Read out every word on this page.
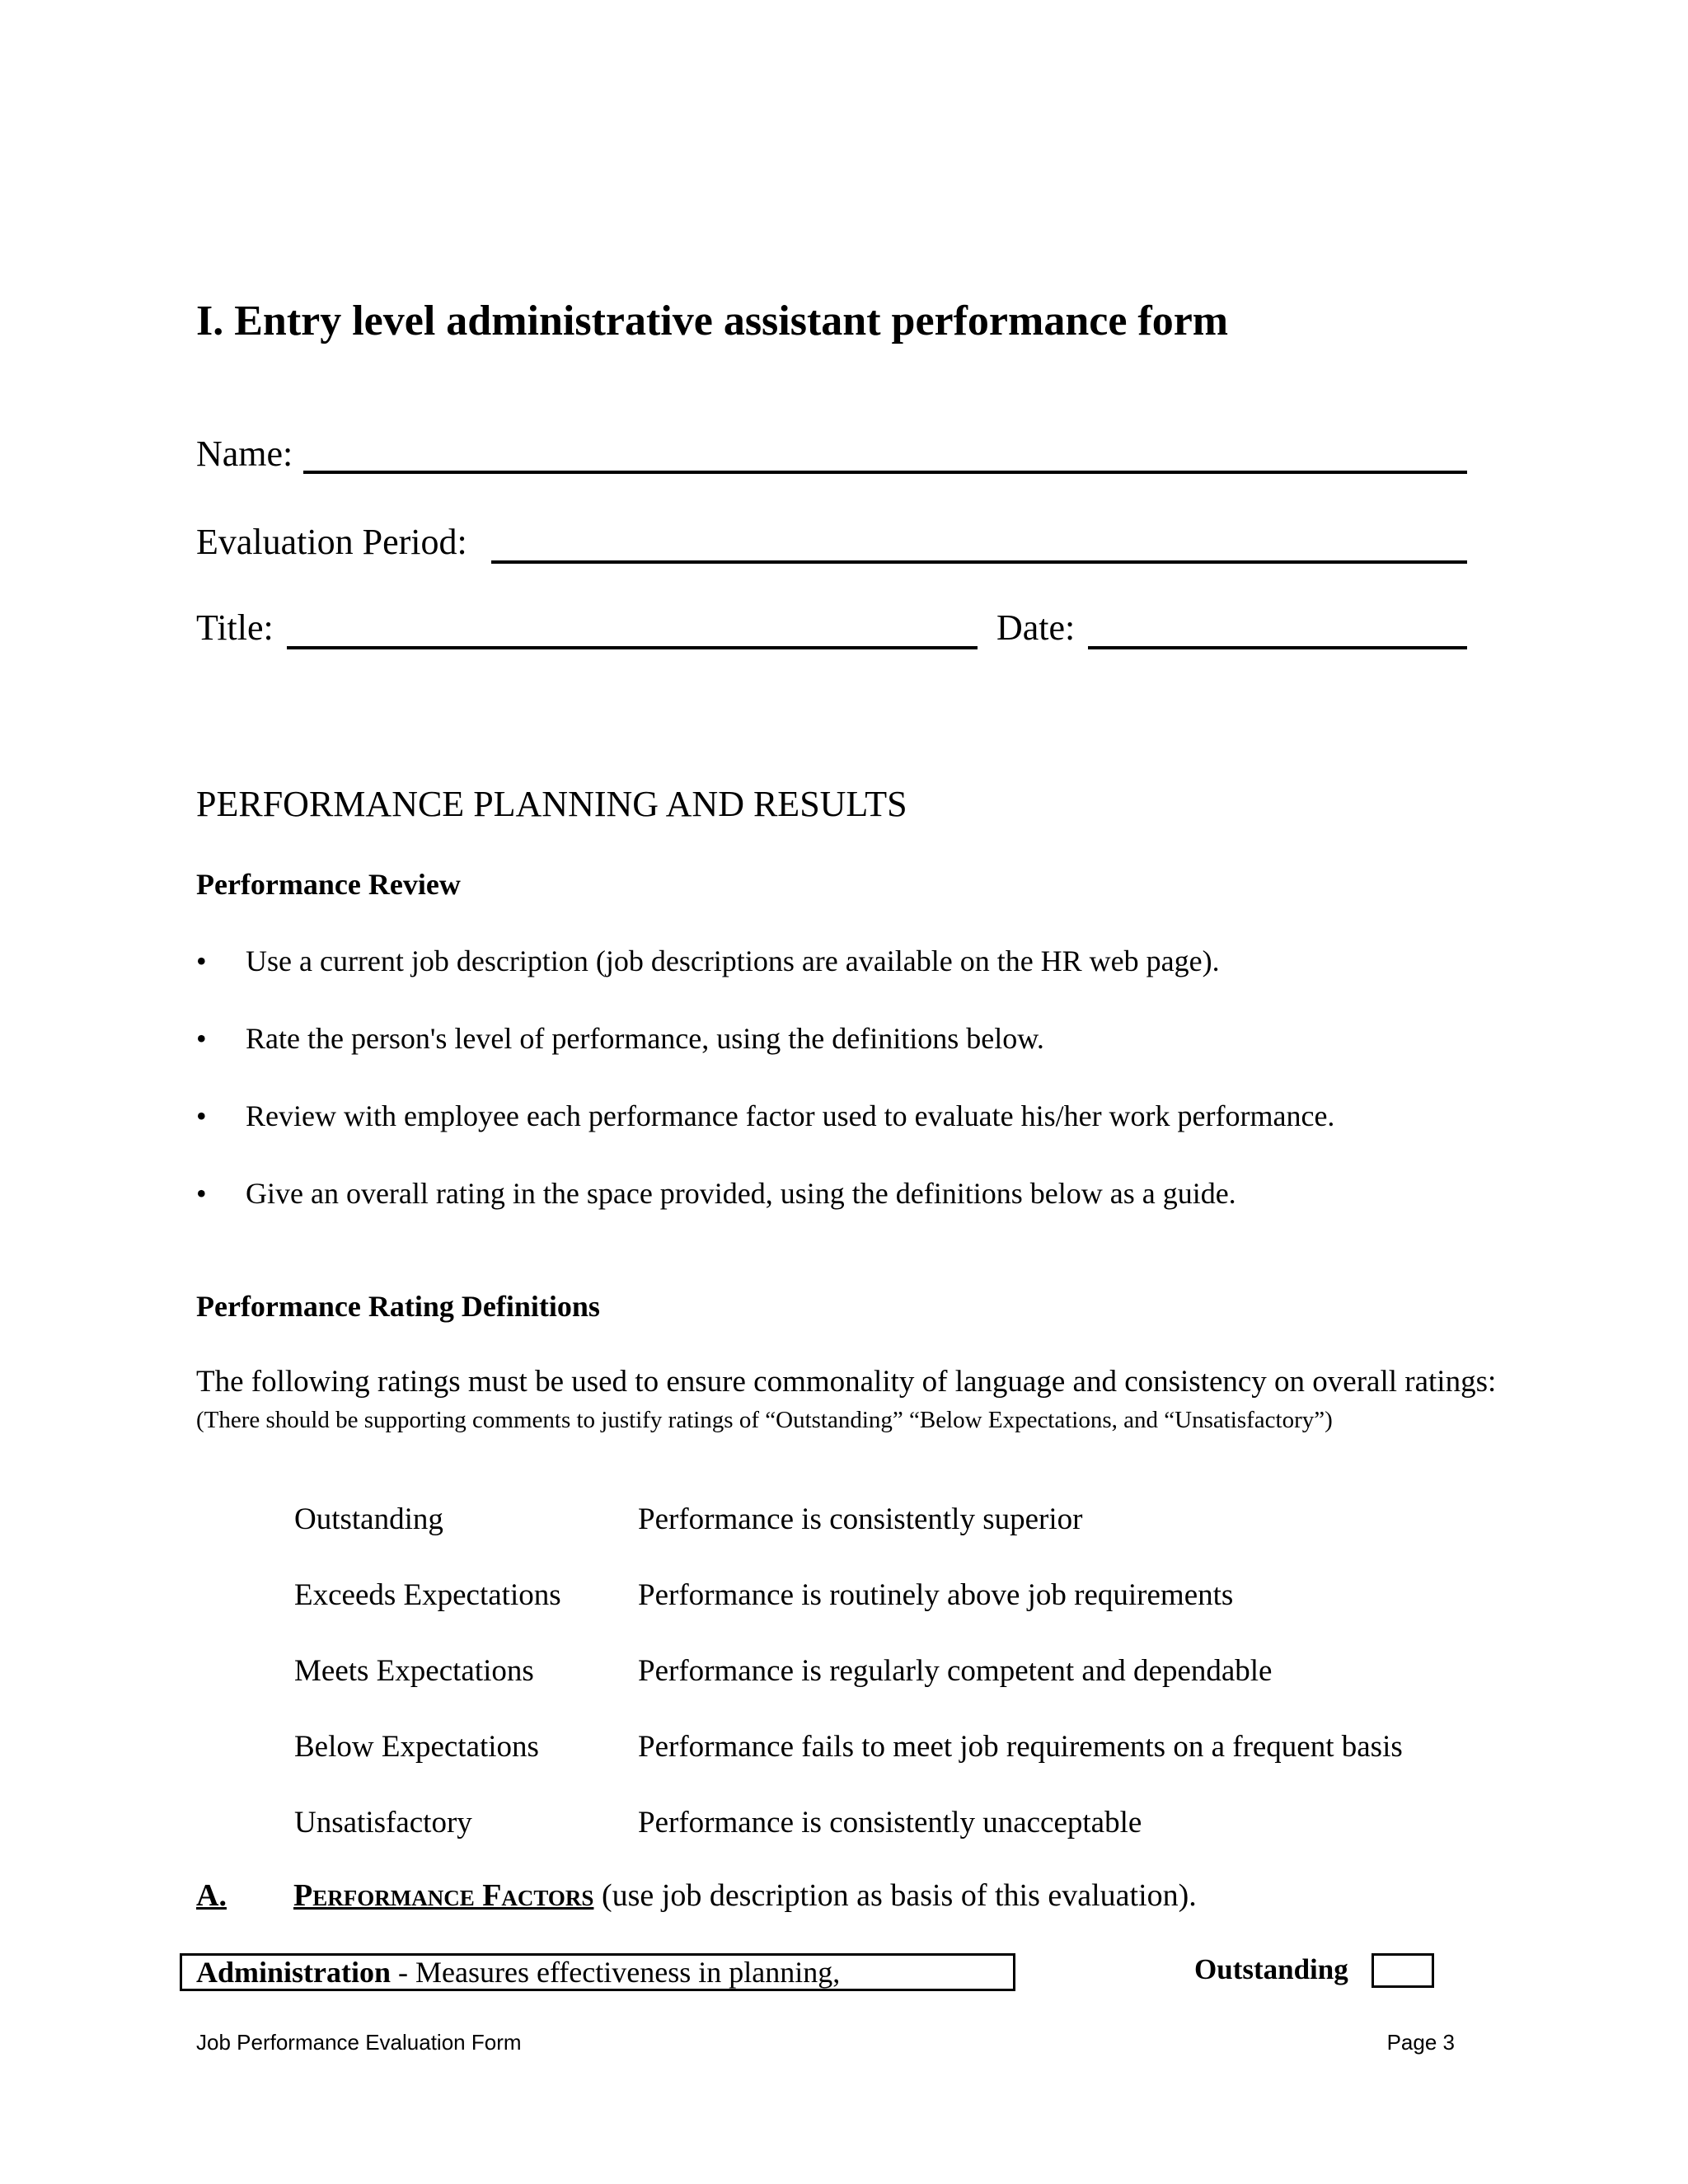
I. Entry level administrative assistant performance form
Name:
Evaluation Period:
Title:	Date:
PERFORMANCE PLANNING AND RESULTS
Performance Review
• Use a current job description (job descriptions are available on the HR web page).
• Rate the person's level of performance, using the definitions below.
• Review with employee each performance factor used to evaluate his/her work performance.
• Give an overall rating in the space provided, using the definitions below as a guide.
Performance Rating Definitions
The following ratings must be used to ensure commonality of language and consistency on overall ratings: (There should be supporting comments to justify ratings of “Outstanding” “Below Expectations, and “Unsatisfactory”)
Outstanding	Performance is consistently superior
Exceeds Expectations	Performance is routinely above job requirements
Meets Expectations	Performance is regularly competent and dependable
Below Expectations	Performance fails to meet job requirements on a frequent basis
Unsatisfactory	Performance is consistently unacceptable
A. Performance Factors (use job description as basis of this evaluation).
Administration - Measures effectiveness in planning,	Outstanding
Job Performance Evaluation Form	Page 3
